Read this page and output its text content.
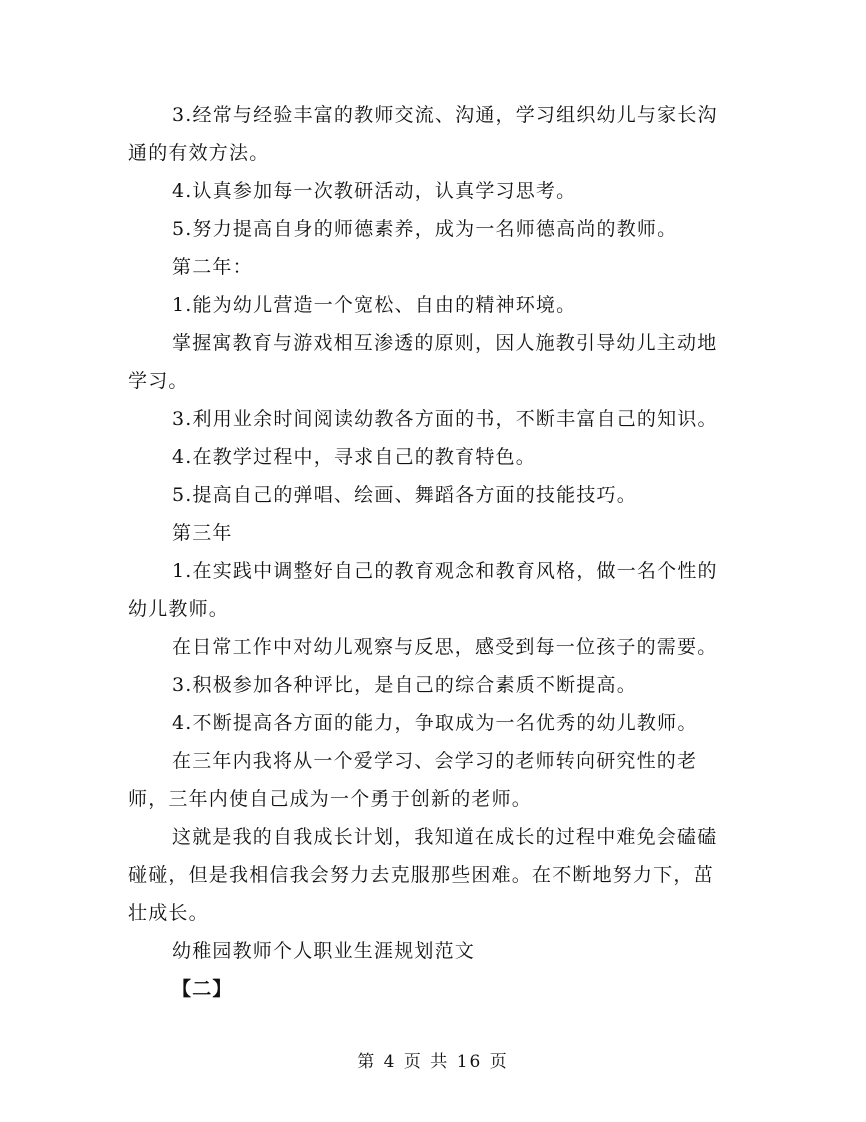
3.经常与经验丰富的教师交流、沟通，学习组织幼儿与家长沟通的有效方法。

4.认真参加每一次教研活动，认真学习思考。

5.努力提高自身的师德素养，成为一名师德高尚的教师。

第二年：

1.能为幼儿营造一个宽松、自由的精神环境。

掌握寓教育与游戏相互渗透的原则，因人施教引导幼儿主动地学习。

3.利用业余时间阅读幼教各方面的书，不断丰富自己的知识。

4.在教学过程中，寻求自己的教育特色。

5.提高自己的弹唱、绘画、舞蹈各方面的技能技巧。

第三年

1.在实践中调整好自己的教育观念和教育风格，做一名个性的幼儿教师。

在日常工作中对幼儿观察与反思，感受到每一位孩子的需要。

3.积极参加各种评比，是自己的综合素质不断提高。

4.不断提高各方面的能力，争取成为一名优秀的幼儿教师。

在三年内我将从一个爱学习、会学习的老师转向研究性的老师，三年内使自己成为一个勇于创新的老师。

这就是我的自我成长计划，我知道在成长的过程中难免会磕磕碰碰，但是我相信我会努力去克服那些困难。在不断地努力下，茁壮成长。

幼稚园教师个人职业生涯规划范文

【二】

第 4 页 共 16 页
